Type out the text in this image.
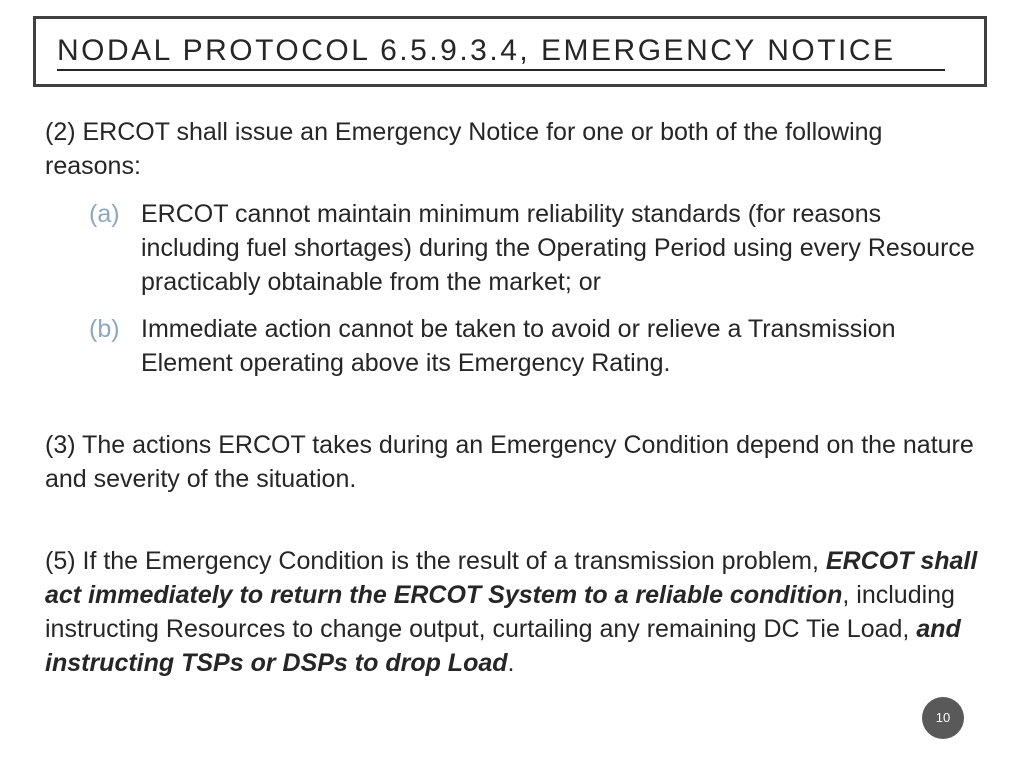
NODAL PROTOCOL 6.5.9.3.4, EMERGENCY NOTICE
(2) ERCOT shall issue an Emergency Notice for one or both of the following reasons:
(a) ERCOT cannot maintain minimum reliability standards (for reasons including fuel shortages) during the Operating Period using every Resource practicably obtainable from the market; or
(b) Immediate action cannot be taken to avoid or relieve a Transmission Element operating above its Emergency Rating.
(3) The actions ERCOT takes during an Emergency Condition depend on the nature and severity of the situation.
(5) If the Emergency Condition is the result of a transmission problem, ERCOT shall act immediately to return the ERCOT System to a reliable condition, including instructing Resources to change output, curtailing any remaining DC Tie Load, and instructing TSPs or DSPs to drop Load.
10
